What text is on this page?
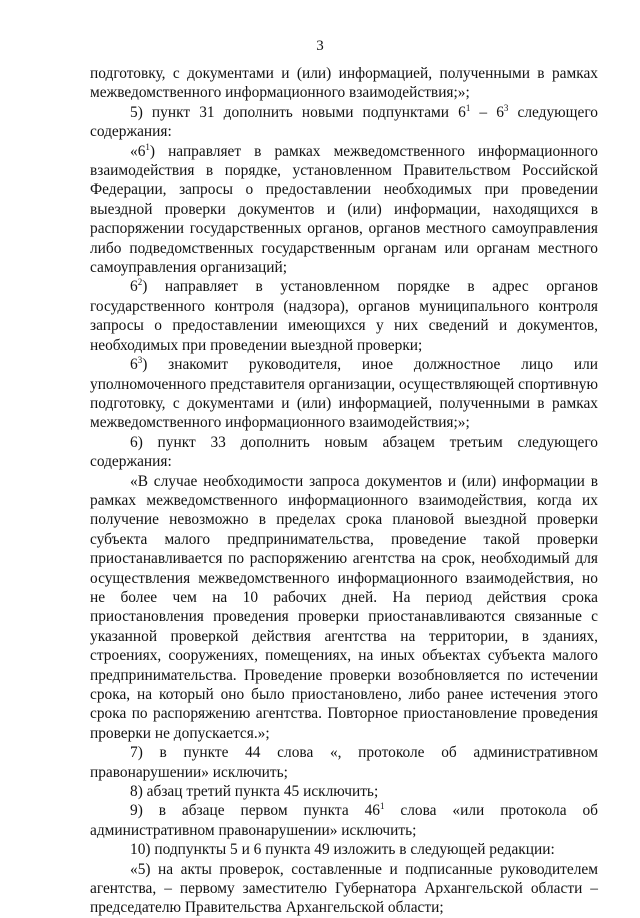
3

подготовку, с документами и (или) информацией, полученными в рамках межведомственного информационного взаимодействия;»;

5) пункт 31 дополнить новыми подпунктами $6^1 - 6^3$ следующего содержания:

«$6^1$) направляет в рамках межведомственного информационного взаимодействия в порядке, установленном Правительством Российской Федерации, запросы о предоставлении необходимых при проведении выездной проверки документов и (или) информации, находящихся в распоряжении государственных органов, органов местного самоуправления либо подведомственных государственным органам или органам местного самоуправления организаций;

$6^2$) направляет в установленном порядке в адрес органов государственного контроля (надзора), органов муниципального контроля запросы о предоставлении имеющихся у них сведений и документов, необходимых при проведении выездной проверки;

$6^3$) знакомит руководителя, иное должностное лицо или уполномоченного представителя организации, осуществляющей спортивную подготовку, с документами и (или) информацией, полученными в рамках межведомственного информационного взаимодействия;»;

6) пункт 33 дополнить новым абзацем третьим следующего содержания:

«В случае необходимости запроса документов и (или) информации в рамках межведомственного информационного взаимодействия, когда их получение невозможно в пределах срока плановой выездной проверки субъекта малого предпринимательства, проведение такой проверки приостанавливается по распоряжению агентства на срок, необходимый для осуществления межведомственного информационного взаимодействия, но не более чем на 10 рабочих дней. На период действия срока приостановления проведения проверки приостанавливаются связанные с указанной проверкой действия агентства на территории, в зданиях, строениях, сооружениях, помещениях, на иных объектах субъекта малого предпринимательства. Проведение проверки возобновляется по истечении срока, на который оно было приостановлено, либо ранее истечения этого срока по распоряжению агентства. Повторное приостановление проведения проверки не допускается.»;

7) в пункте 44 слова «, протоколе об административном правонарушении» исключить;

8) абзац третий пункта 45 исключить;

9) в абзаце первом пункта $46^1$ слова «или протокола об административном правонарушении» исключить;

10) подпункты 5 и 6 пункта 49 изложить в следующей редакции:

«5) на акты проверок, составленные и подписанные руководителем агентства, – первому заместителю Губернатора Архангельской области – председателю Правительства Архангельской области;
